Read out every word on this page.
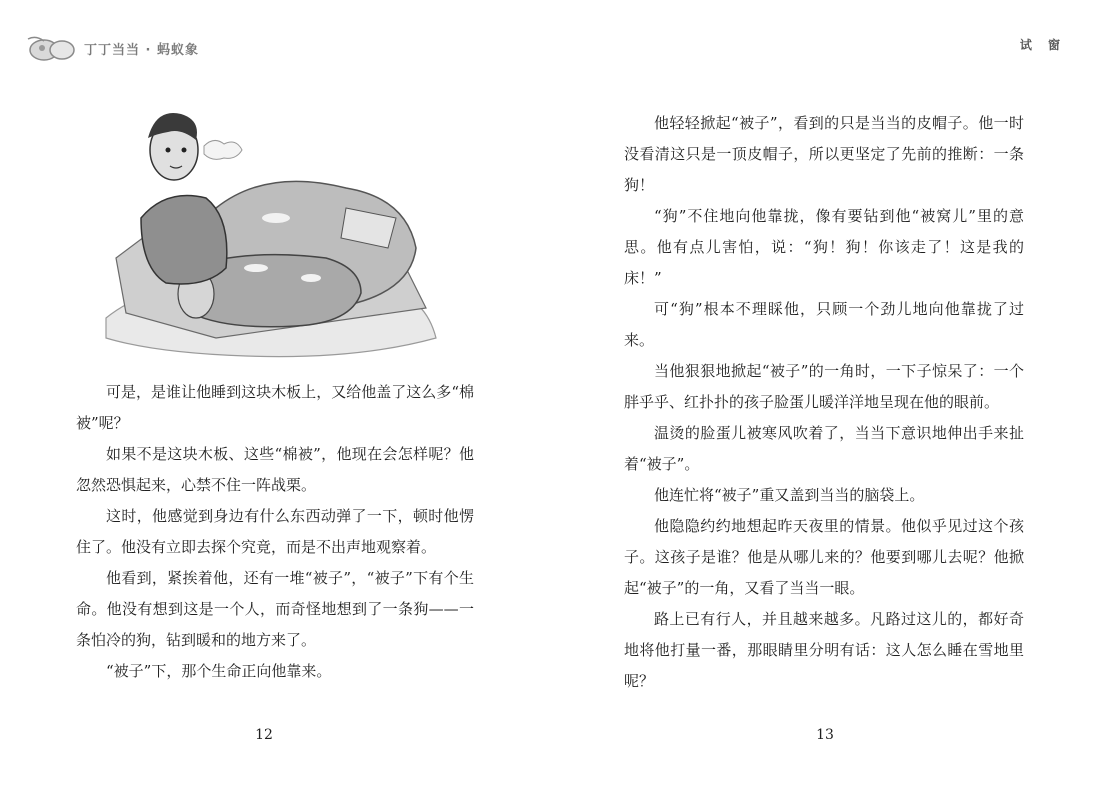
丁丁当当 · 蚂蚁象	试 窗

可是，是谁让他睡到这块木板上，又给他盖了这么多“棉被”呢？

如果不是这块木板、这些“棉被”，他现在会怎样呢？他忽然恐惧起来，心禁不住一阵战栗。

这时，他感觉到身边有什么东西动弹了一下，顿时他愣住了。他没有立即去探个究竟，而是不出声地观察着。

他看到，紧挨着他，还有一堆“被子”，“被子”下有个生命。他没有想到这是一个人，而奇怪地想到了一条狗——一条怕冷的狗，钻到暖和的地方来了。

“被子”下，那个生命正向他靠来。

他轻轻掀起“被子”，看到的只是当当的皮帽子。他一时没看清这只是一顶皮帽子，所以更坚定了先前的推断：一条狗！

“狗”不住地向他靠拢，像有要钻到他“被窝儿”里的意思。他有点儿害怕，说：“狗！狗！你该走了！这是我的床！”

可“狗”根本不理睬他，只顾一个劲儿地向他靠拢了过来。

当他狠狠地掀起“被子”的一角时，一下子惊呆了：一个胖乎乎、红扑扑的孩子脸蛋儿暖洋洋地呈现在他的眼前。

温烫的脸蛋儿被寒风吹着了，当当下意识地伸出手来扯着“被子”。

他连忙将“被子”重又盖到当当的脑袋上。

他隐隐约约地想起昨天夜里的情景。他似乎见过这个孩子。这孩子是谁？他是从哪儿来的？他要到哪儿去呢？他掀起“被子”的一角，又看了当当一眼。

路上已有行人，并且越来越多。凡路过这儿的，都好奇地将他打量一番，那眼睛里分明有话：这人怎么睡在雪地里呢？

12	13
